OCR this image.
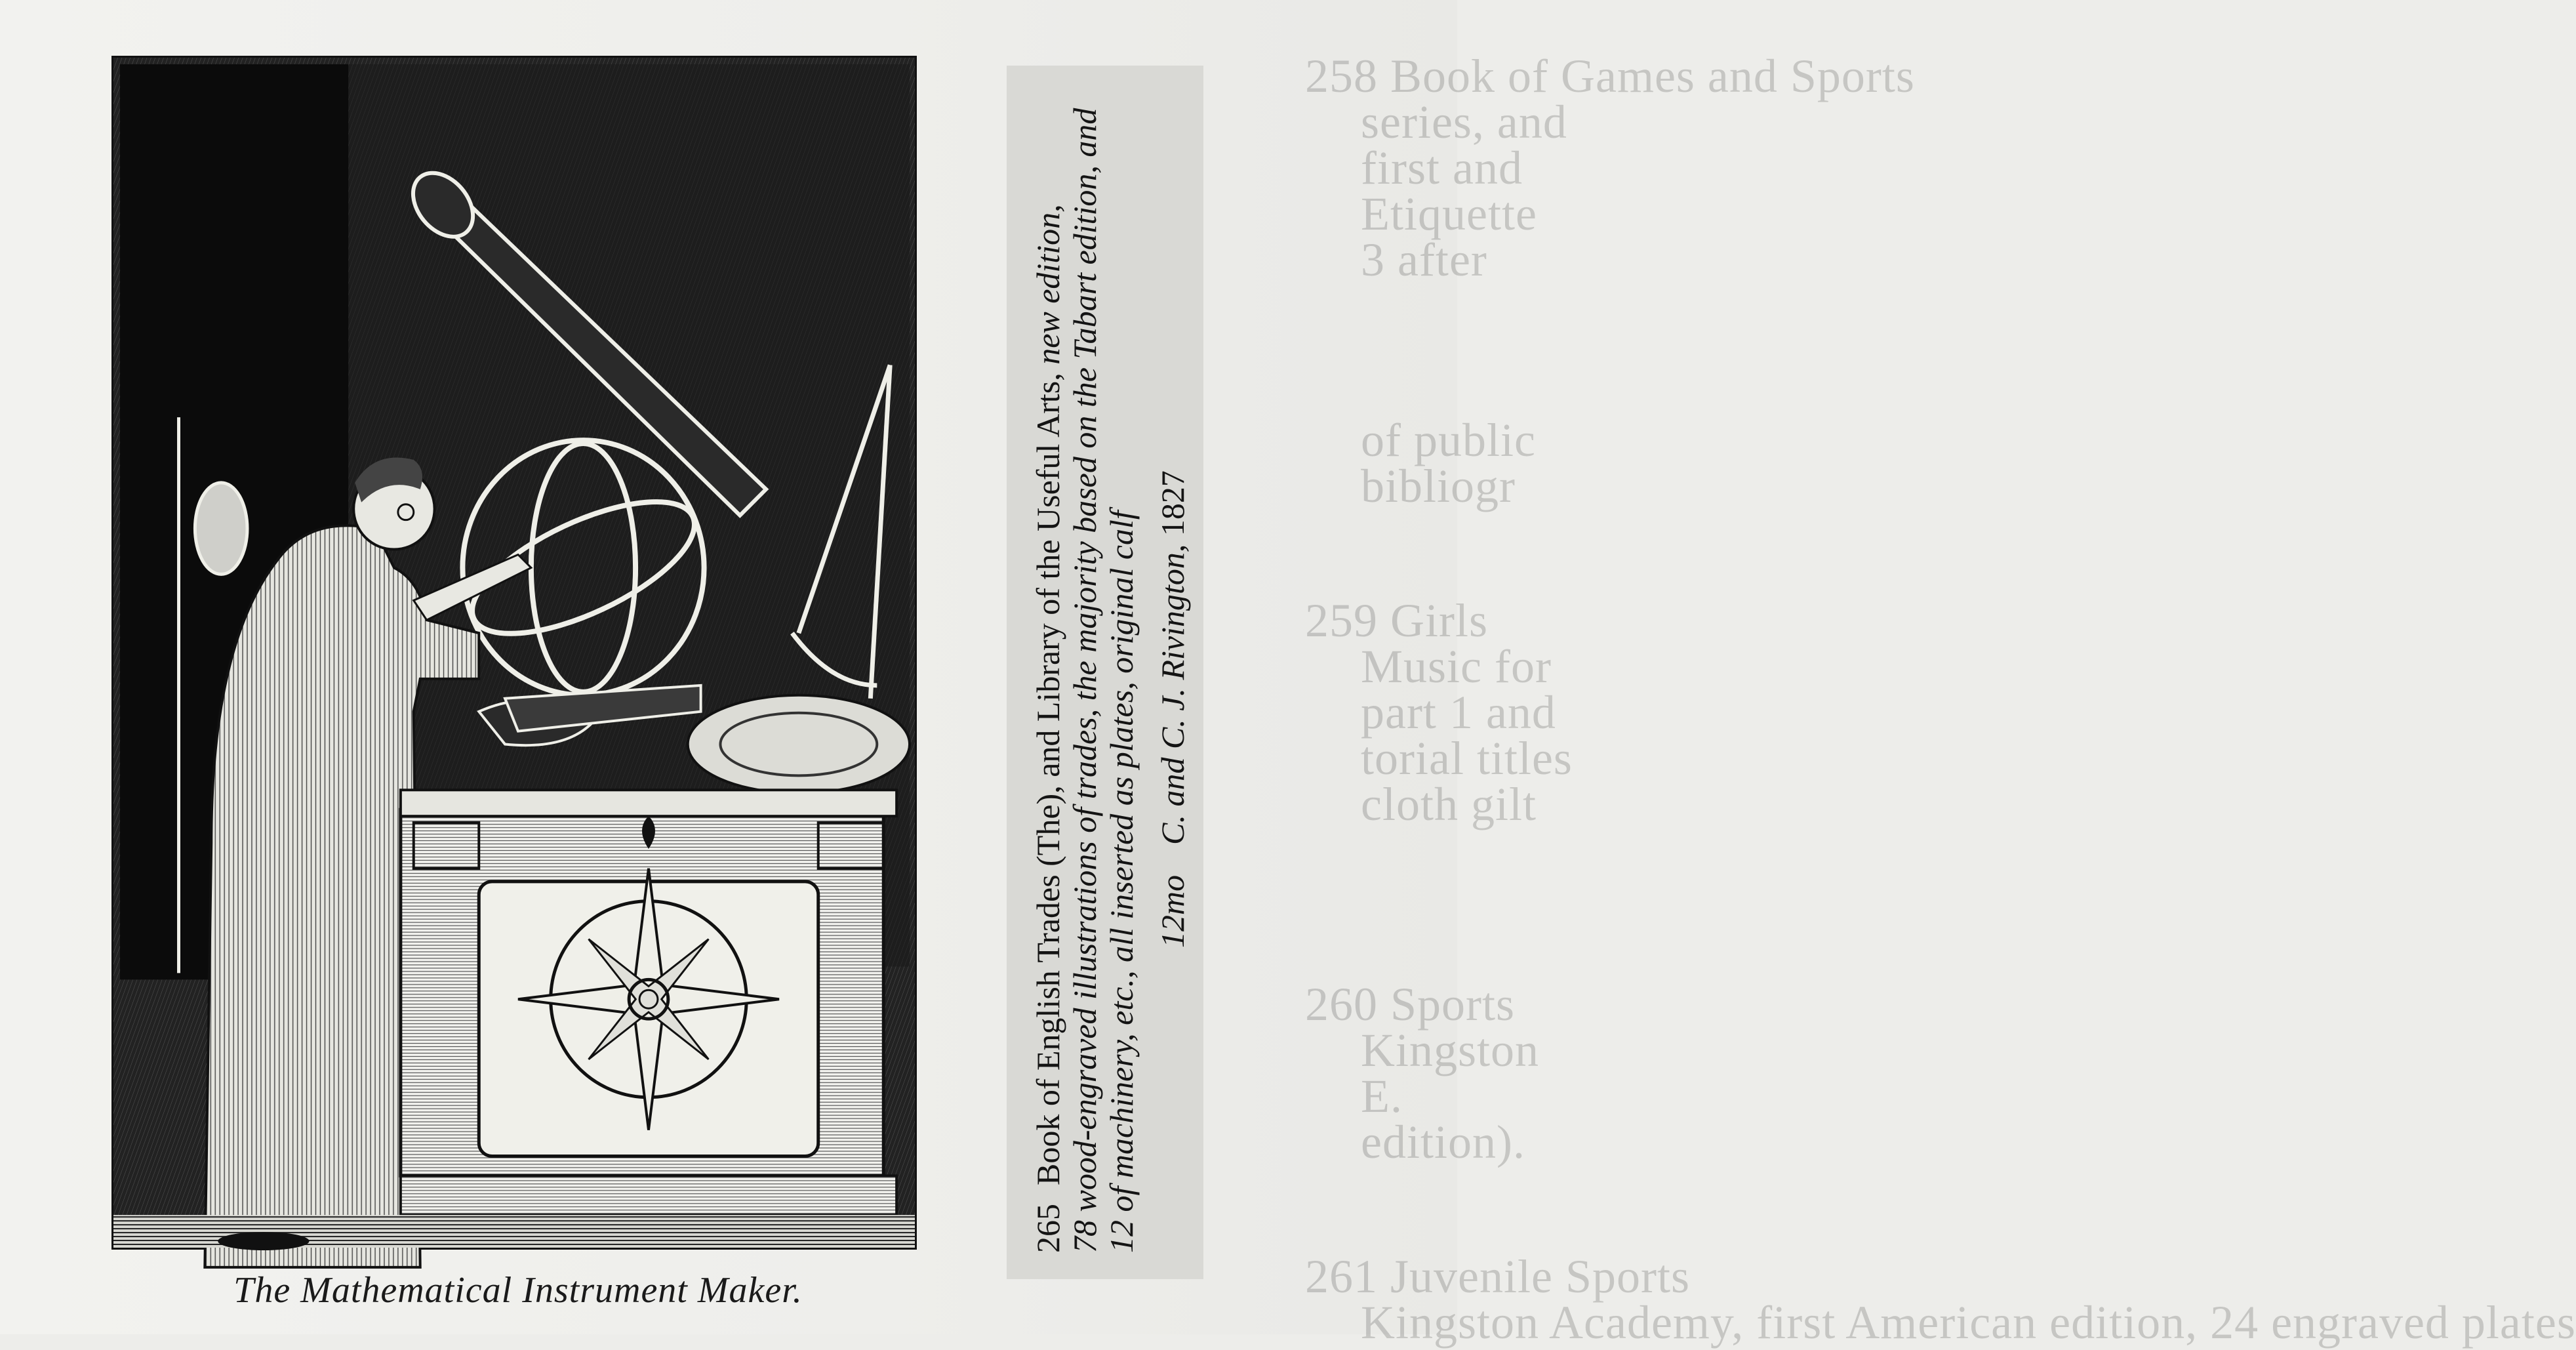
258 Book of Games and Sports
series, and
first and
Etiquette
3 after
of public
bibliogr
259 Girls
Music for
part 1 and
torial titles
cloth gilt
260 Sports
Kingston
E.
edition).
261 Juvenile Sports
Kingston Academy, first American edition, 24 engraved plates
The Mathematical Instrument Maker.
265Book of English Trades (The), and Library of the Useful Arts, new edition, 78 wood-engraved illustrations of trades, the majority based on the Tabart edition, and 12 of machinery, etc., all inserted as plates, original calf 12moC. and C. J. Rivington, 1827
